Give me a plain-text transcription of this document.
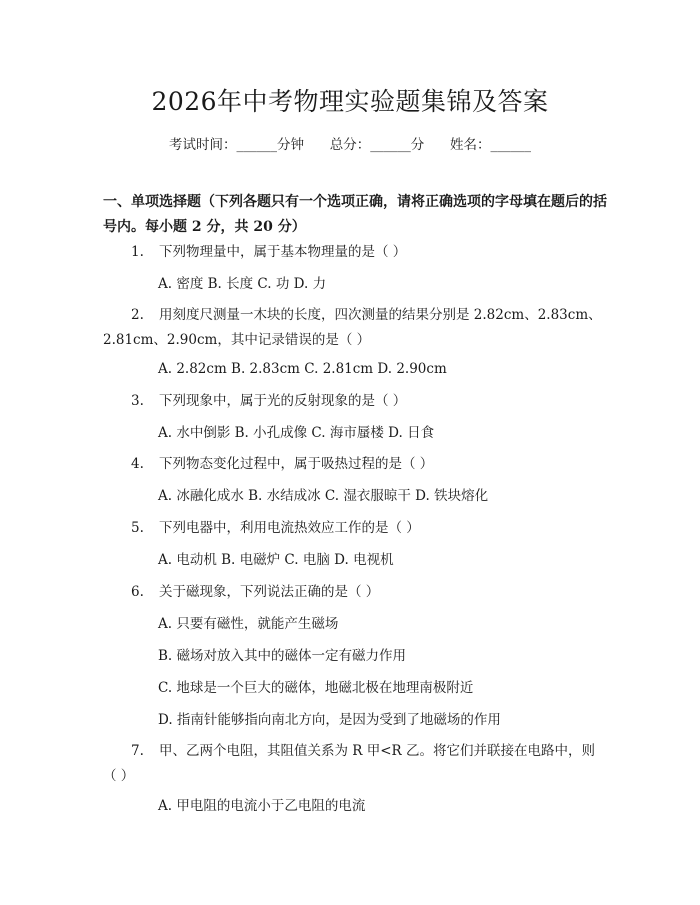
2026年中考物理实验题集锦及答案
考试时间：______分钟 总分：______分 姓名：______
一、单项选择题（下列各题只有一个选项正确，请将正确选项的字母填在题后的括号内。每小题 2 分，共 20 分）
1. 下列物理量中，属于基本物理量的是（ ）
A. 密度 B. 长度 C. 功 D. 力
2. 用刻度尺测量一木块的长度，四次测量的结果分别是 2.82cm、2.83cm、2.81cm、2.90cm，其中记录错误的是（ ）
A. 2.82cm B. 2.83cm C. 2.81cm D. 2.90cm
3. 下列现象中，属于光的反射现象的是（ ）
A. 水中倒影 B. 小孔成像 C. 海市蜃楼 D. 日食
4. 下列物态变化过程中，属于吸热过程的是（ ）
A. 冰融化成水 B. 水结成冰 C. 湿衣服晾干 D. 铁块熔化
5. 下列电器中，利用电流热效应工作的是（ ）
A. 电动机 B. 电磁炉 C. 电脑 D. 电视机
6. 关于磁现象，下列说法正确的是（ ）
A. 只要有磁性，就能产生磁场
B. 磁场对放入其中的磁体一定有磁力作用
C. 地球是一个巨大的磁体，地磁北极在地理南极附近
D. 指南针能够指向南北方向，是因为受到了地磁场的作用
7. 甲、乙两个电阻，其阻值关系为 R 甲<R 乙。将它们并联接在电路中，则（ ）
A. 甲电阻的电流小于乙电阻的电流
